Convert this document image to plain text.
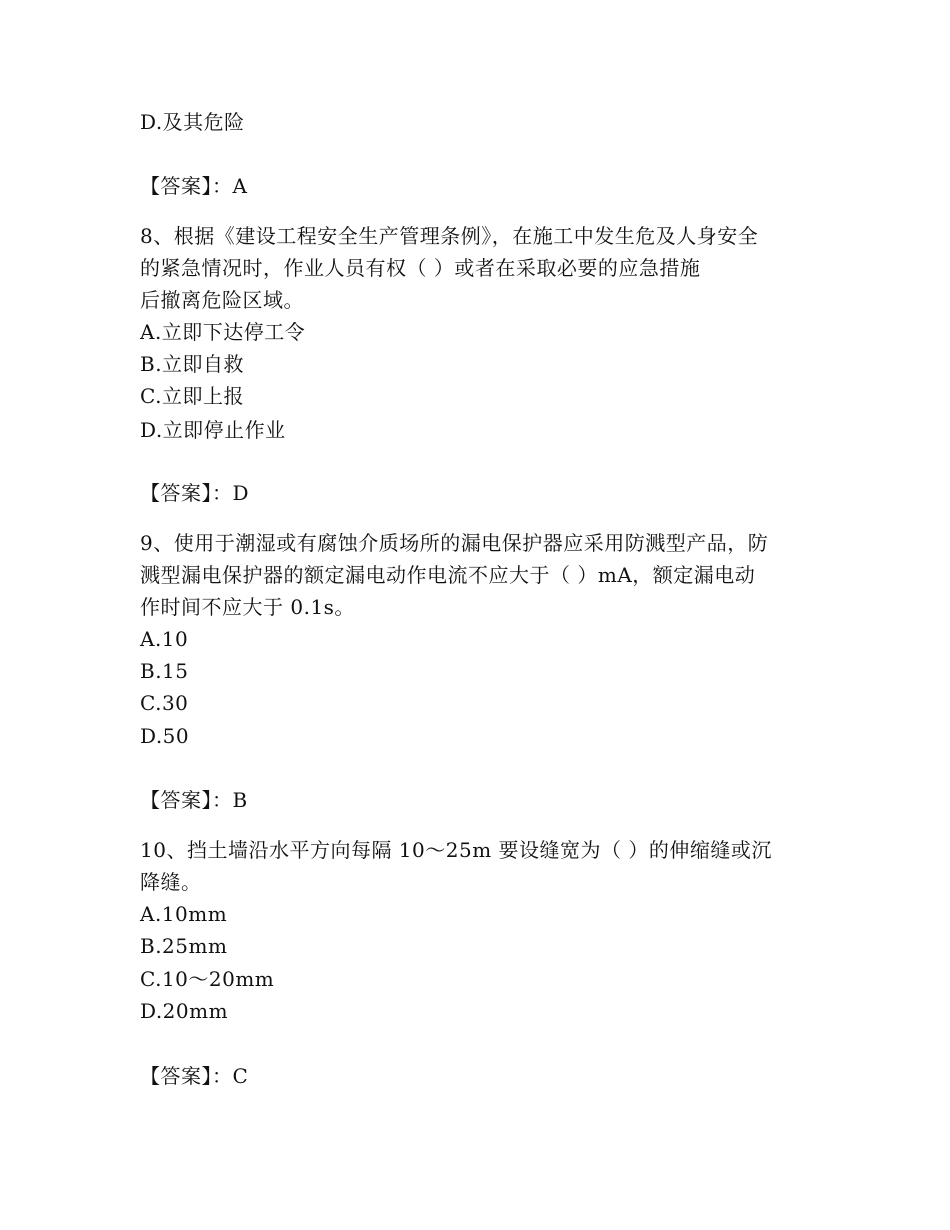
D.及其危险
【答案】：A
8、根据《建设工程安全生产管理条例》，在施工中发生危及人身安全
的紧急情况时，作业人员有权（ ）或者在采取必要的应急措施
后撤离危险区域。
A.立即下达停工令
B.立即自救
C.立即上报
D.立即停止作业
【答案】：D
9、使用于潮湿或有腐蚀介质场所的漏电保护器应采用防溅型产品，防
溅型漏电保护器的额定漏电动作电流不应大于（ ）mA，额定漏电动
作时间不应大于 0.1s。
A.10
B.15
C.30
D.50
【答案】：B
10、挡土墙沿水平方向每隔 10～25m 要设缝宽为（ ）的伸缩缝或沉
降缝。
A.10mm
B.25mm
C.10～20mm
D.20mm
【答案】：C
